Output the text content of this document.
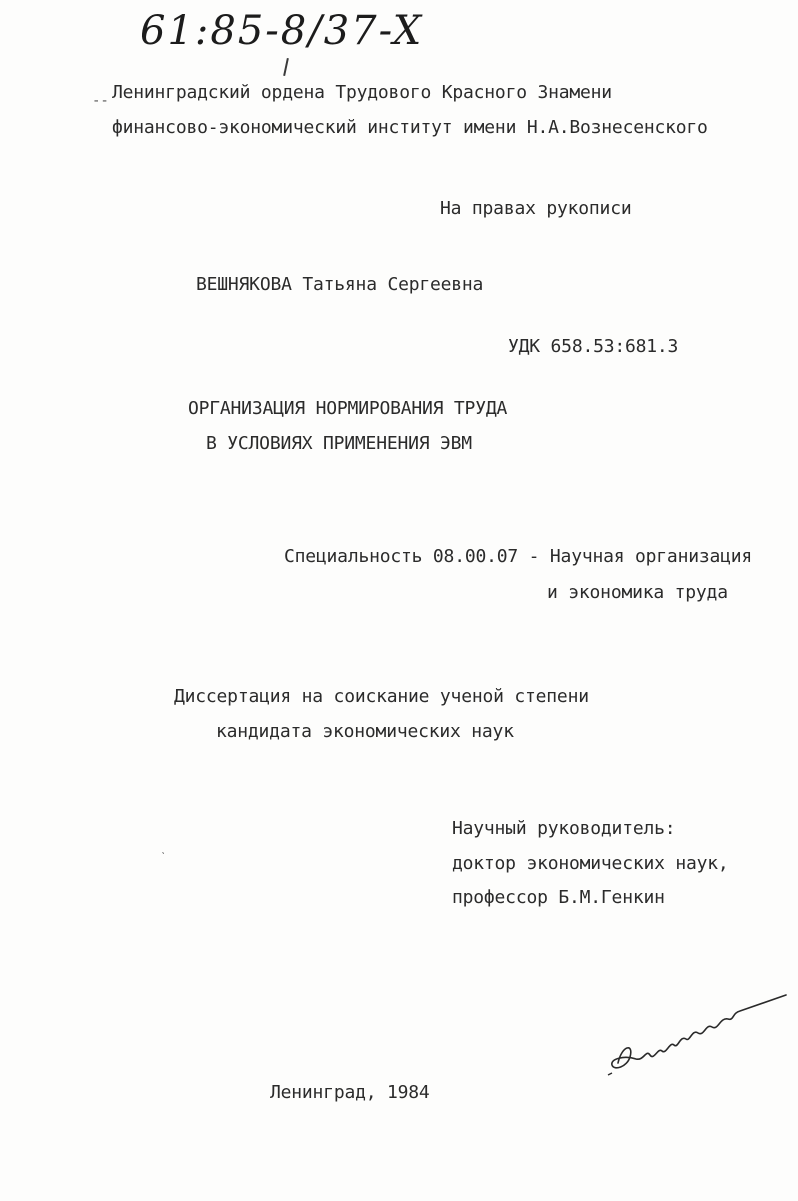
61:85-8/37-X
-- Ленинградский ордена Трудового Красного Знамени
финансово-экономический институт имени Н.А.Вознесенского
На правах рукописи
ВЕШНЯКОВА Татьяна Сергеевна
УДК 658.53:681.3
ОРГАНИЗАЦИЯ НОРМИРОВАНИЯ ТРУДА
В УСЛОВИЯХ ПРИМЕНЕНИЯ ЭВМ
Специальность 08.00.07 - Научная организация
и экономика труда
Диссертация на соискание ученой степени
кандидата экономических наук
Научный руководитель:
доктор экономических наук,
профессор Б.М.Генкин
ˋ
Ленинград, 1984
